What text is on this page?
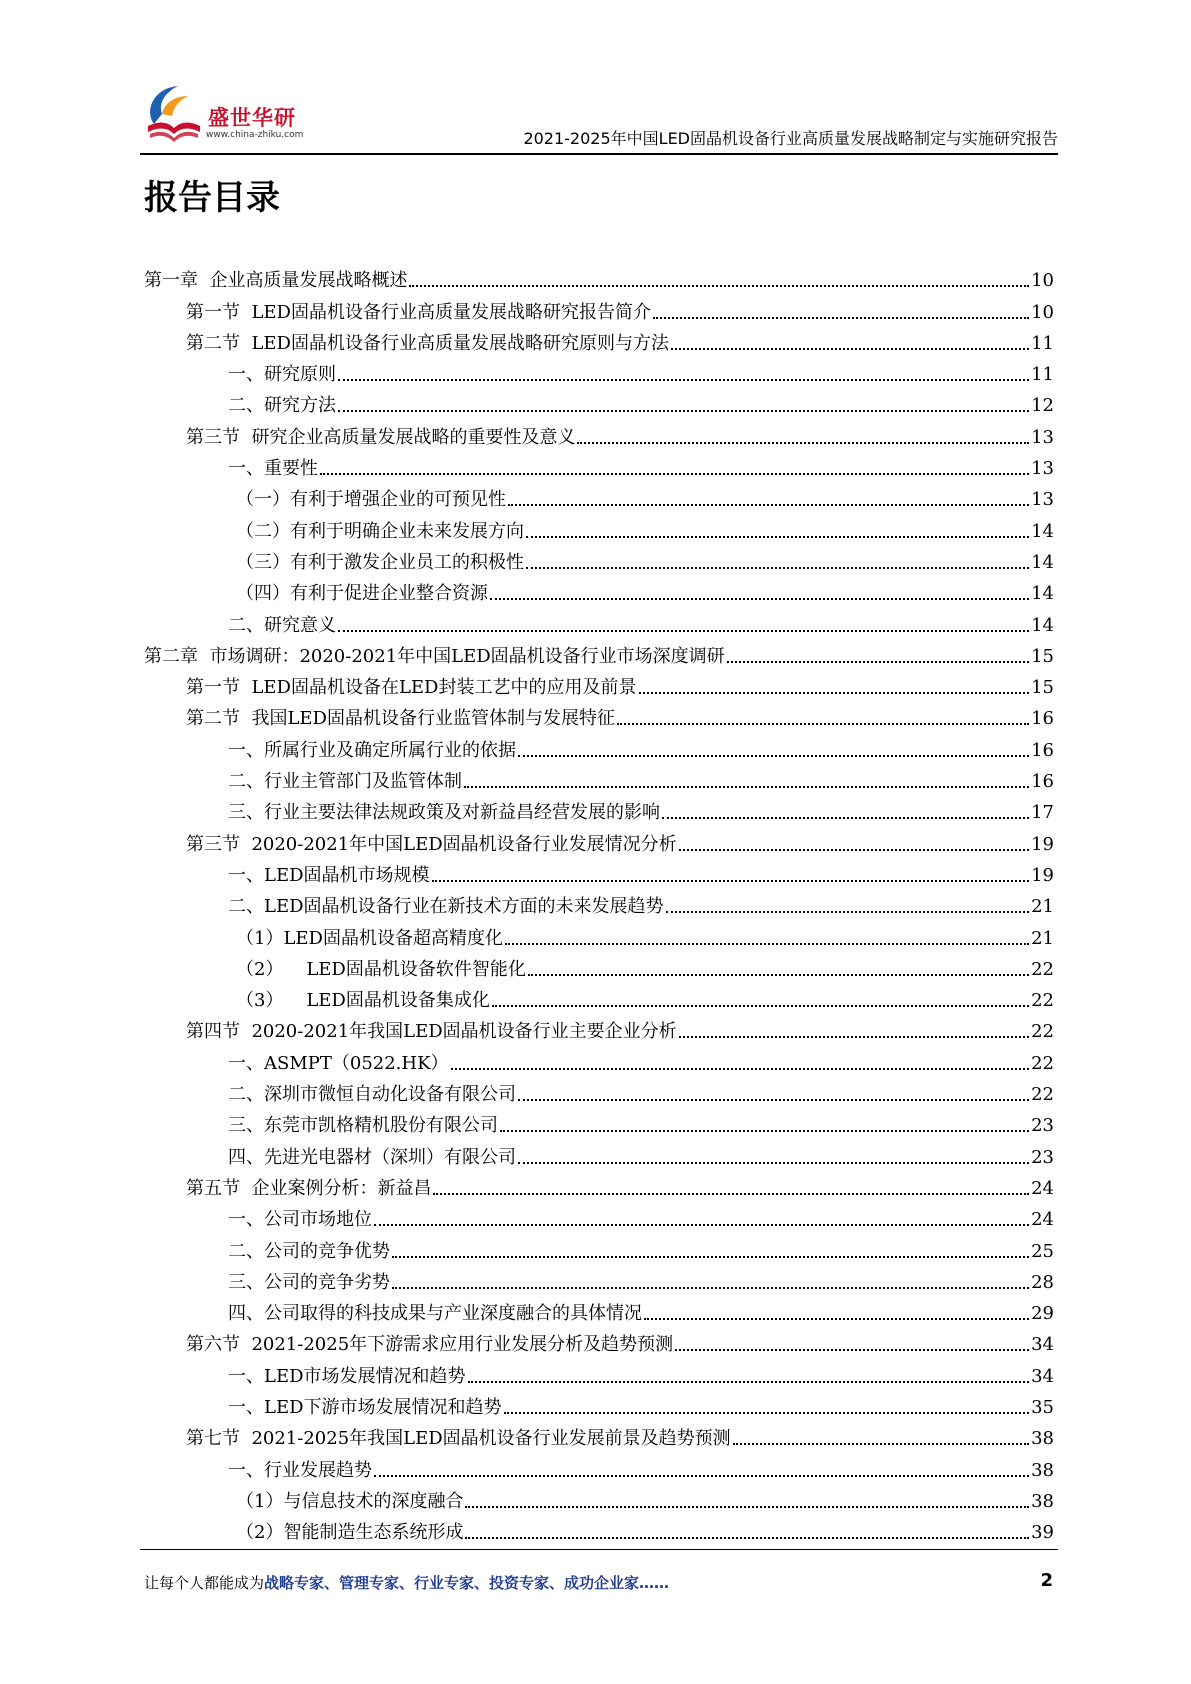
盛世华研
www.china-zhiku.com	2021-2025年中国LED固晶机设备行业高质量发展战略制定与实施研究报告
报告目录
第一章  企业高质量发展战略概述	10
第一节  LED固晶机设备行业高质量发展战略研究报告简介	10
第二节  LED固晶机设备行业高质量发展战略研究原则与方法	11
一、研究原则	11
二、研究方法	12
第三节  研究企业高质量发展战略的重要性及意义	13
一、重要性	13
（一）有利于增强企业的可预见性	13
（二）有利于明确企业未来发展方向	14
（三）有利于激发企业员工的积极性	14
（四）有利于促进企业整合资源	14
二、研究意义	14
第二章  市场调研：2020-2021年中国LED固晶机设备行业市场深度调研	15
第一节  LED固晶机设备在LED封装工艺中的应用及前景	15
第二节  我国LED固晶机设备行业监管体制与发展特征	16
一、所属行业及确定所属行业的依据	16
二、行业主管部门及监管体制	16
三、行业主要法律法规政策及对新益昌经营发展的影响	17
第三节  2020-2021年中国LED固晶机设备行业发展情况分析	19
一、LED固晶机市场规模	19
二、LED固晶机设备行业在新技术方面的未来发展趋势	21
（1）LED固晶机设备超高精度化	21
（2）    LED固晶机设备软件智能化	22
（3）    LED固晶机设备集成化	22
第四节  2020-2021年我国LED固晶机设备行业主要企业分析	22
一、ASMPT（0522.HK）	22
二、深圳市微恒自动化设备有限公司	22
三、东莞市凯格精机股份有限公司	23
四、先进光电器材（深圳）有限公司	23
第五节  企业案例分析：新益昌	24
一、公司市场地位	24
二、公司的竞争优势	25
三、公司的竞争劣势	28
四、公司取得的科技成果与产业深度融合的具体情况	29
第六节  2021-2025年下游需求应用行业发展分析及趋势预测	34
一、LED市场发展情况和趋势	34
一、LED下游市场发展情况和趋势	35
第七节  2021-2025年我国LED固晶机设备行业发展前景及趋势预测	38
一、行业发展趋势	38
（1）与信息技术的深度融合	38
（2）智能制造生态系统形成	39
让每个人都能成为战略专家、管理专家、行业专家、投资专家、成功企业家……	2
